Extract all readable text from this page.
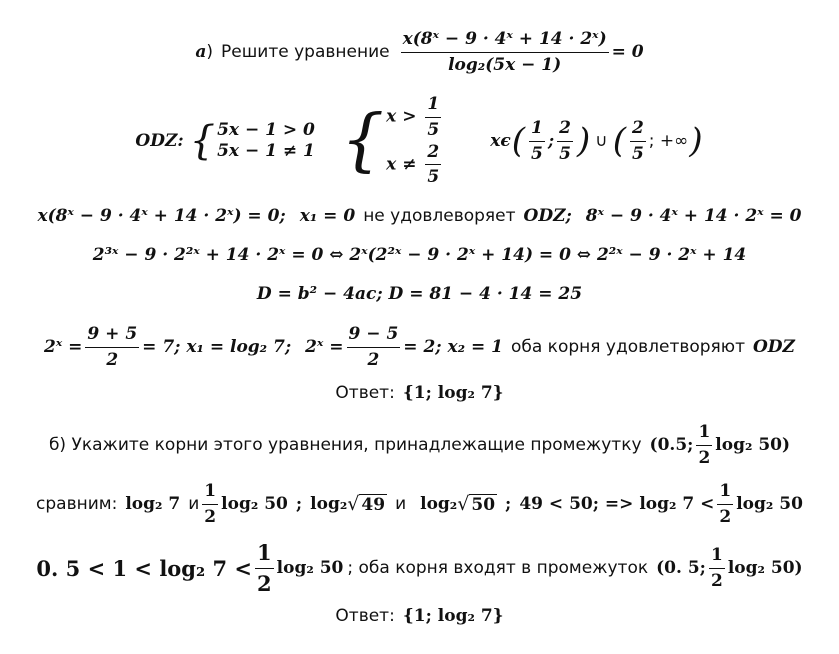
a ) Решите уравнение $\frac{\text{x(8ˣ − 9 · 4ˣ + 14 · 2ˣ)}}{\text{log₂(5x − 1)}} = 0$
ODZ: { 5x − 1 > 0
5x − 1 ≠ 1 { $x > \frac{1}{5}$
$x \ne \frac{2}{5}$
xϵ ( $\frac{1}{5}$ ; $\frac{2}{5}$ ) ∪ ( $\frac{2}{5}$ ; +∞ )
x(8ˣ − 9 · 4ˣ + 14 · 2ˣ) = 0; x₁ = 0 не удовлеворяет ODZ; 8ˣ − 9 · 4ˣ + 14 · 2ˣ = 0
2³ˣ − 9 · 2²ˣ + 14 · 2ˣ = 0 ⇔ 2ˣ(2²ˣ − 9 · 2ˣ + 14) = 0 ⇔ 2²ˣ − 9 · 2ˣ + 14
D = b² − 4ac; D = 81 − 4 · 14 = 25
2ˣ = $\frac{9 + 5}{2} = 7$; x₁ = log₂ 7; 2ˣ = $\frac{9 - 5}{2} = 2$; x₂ = 1 оба корня удовлетворяют ODZ
Ответ: {1; log₂ 7}
б) Укажите корни этого уравнения, принадлежащие промежутку (0.5; $\frac{1}{2} \log_2$ 50)
сравним: log₂ 7 и $\frac{1}{2} \log_2$ 50 ; log₂ √ 49 и log₂ √ 50 ; 49 < 50; => log₂ $7 < \frac{1}{2} \log_2$ 50
0. 5 < 1 < log₂ $7 < \frac{1}{2} \log_2$ 50 ; оба корня входят в промежуток (0. 5; $\frac{1}{2} \log_2$ 50)
Ответ: {1; log₂ 7}
